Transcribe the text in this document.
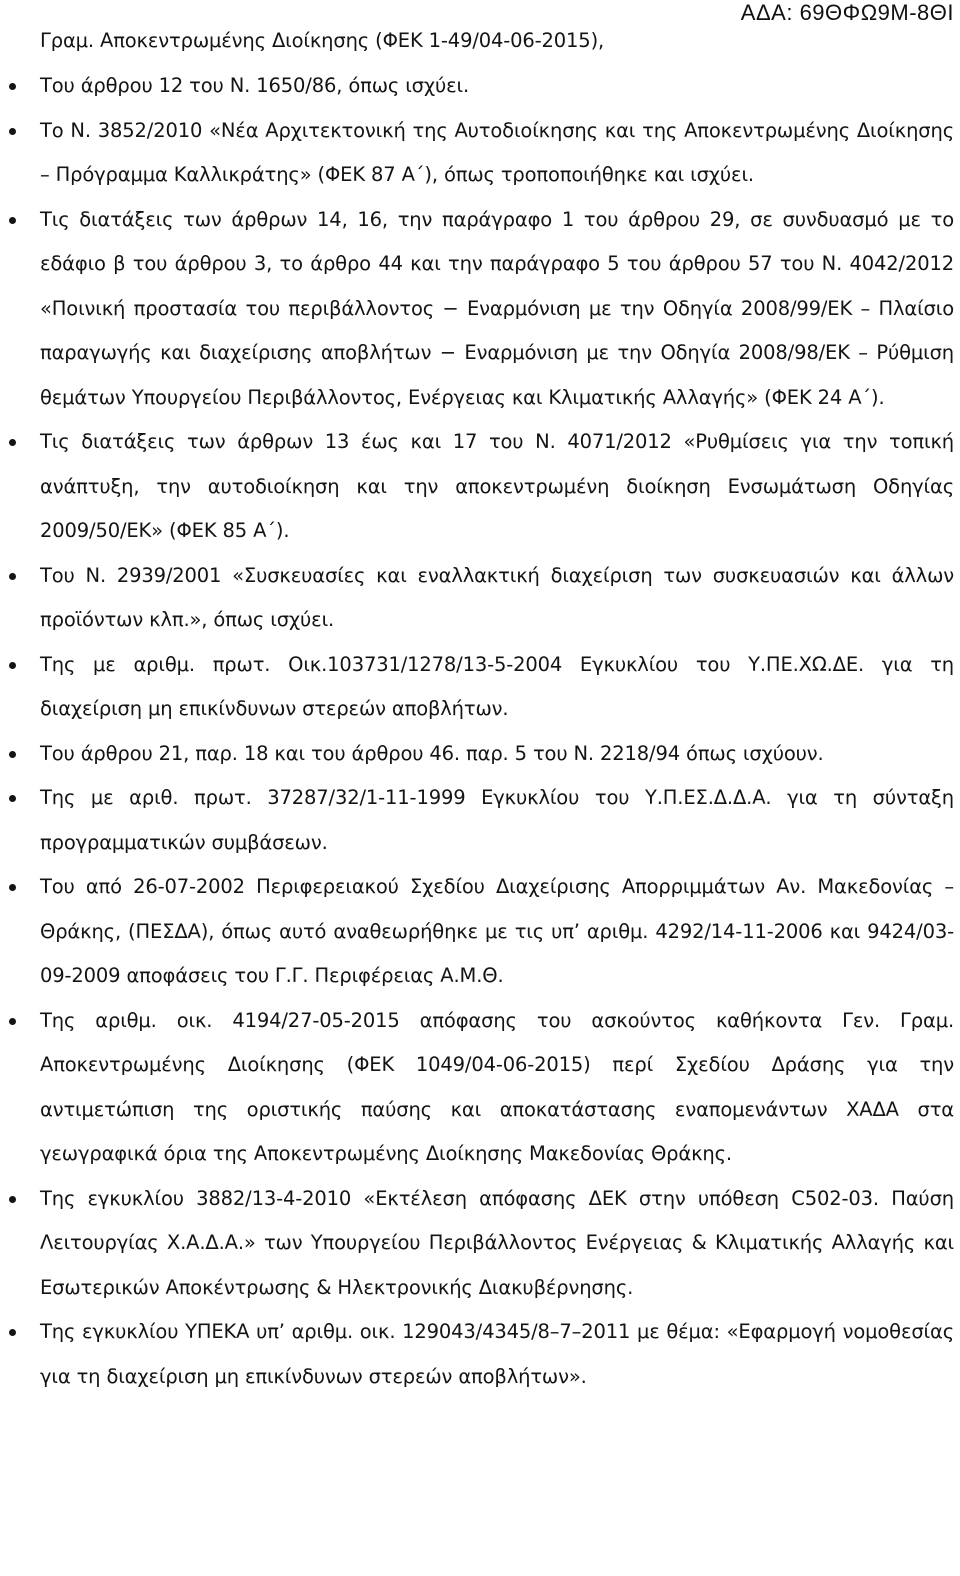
ΑΔΑ: 69ΘΦΩ9Μ-8ΘΙ

Γραμ. Αποκεντρωμένης Διοίκησης (ΦΕΚ 1-49/04-06-2015),

Του άρθρου 12 του Ν. 1650/86, όπως ισχύει.
Το Ν. 3852/2010 «Νέα Αρχιτεκτονική της Αυτοδιοίκησης και της Αποκεντρωμένης Διοίκησης – Πρόγραμμα Καλλικράτης» (ΦΕΚ 87 Α΄), όπως τροποποιήθηκε και ισχύει.
Τις διατάξεις των άρθρων 14, 16, την παράγραφο 1 του άρθρου 29, σε συνδυασμό με το εδάφιο β του άρθρου 3, το άρθρο 44 και την παράγραφο 5 του άρθρου 57 του Ν. 4042/2012 «Ποινική προστασία του περιβάλλοντος − Εναρμόνιση με την Οδηγία 2008/99/ΕΚ – Πλαίσιο παραγωγής και διαχείρισης αποβλήτων − Εναρμόνιση με την Οδηγία 2008/98/ΕΚ – Ρύθμιση θεμάτων Υπουργείου Περιβάλλοντος, Ενέργειας και Κλιματικής Αλλαγής» (ΦΕΚ 24 Α΄).
Τις διατάξεις των άρθρων 13 έως και 17 του Ν. 4071/2012 «Ρυθμίσεις για την τοπική ανάπτυξη, την αυτοδιοίκηση και την αποκεντρωμένη διοίκηση Ενσωμάτωση Οδηγίας 2009/50/ΕΚ» (ΦΕΚ 85 Α΄).
Του Ν. 2939/2001 «Συσκευασίες και εναλλακτική διαχείριση των συσκευασιών και άλλων προϊόντων κλπ.», όπως ισχύει.
Της με αριθμ. πρωτ. Οικ.103731/1278/13-5-2004 Εγκυκλίου του Υ.ΠΕ.ΧΩ.ΔΕ. για τη διαχείριση μη επικίνδυνων στερεών αποβλήτων.
Του άρθρου 21, παρ. 18 και του άρθρου 46. παρ. 5 του Ν. 2218/94 όπως ισχύουν.
Της με αριθ. πρωτ. 37287/32/1-11-1999 Εγκυκλίου του Υ.Π.ΕΣ.Δ.Δ.Α. για τη σύνταξη προγραμματικών συμβάσεων.
Του από 26-07-2002 Περιφερειακού Σχεδίου Διαχείρισης Απορριμμάτων Αν. Μακεδονίας – Θράκης, (ΠΕΣΔΑ), όπως αυτό αναθεωρήθηκε με τις υπ’ αριθμ. 4292/14-11-2006 και 9424/03-09-2009 αποφάσεις του Γ.Γ. Περιφέρειας Α.Μ.Θ.
Της αριθμ. οικ. 4194/27-05-2015 απόφασης του ασκούντος καθήκοντα Γεν. Γραμ. Αποκεντρωμένης Διοίκησης (ΦΕΚ 1049/04-06-2015) περί Σχεδίου Δράσης για την αντιμετώπιση της οριστικής παύσης και αποκατάστασης εναπομενάντων ΧΑΔΑ στα γεωγραφικά όρια της Αποκεντρωμένης Διοίκησης Μακεδονίας Θράκης.
Της εγκυκλίου 3882/13-4-2010 «Εκτέλεση απόφασης ΔΕΚ στην υπόθεση C502-03. Παύση Λειτουργίας Χ.Α.Δ.Α.» των Υπουργείου Περιβάλλοντος Ενέργειας & Κλιματικής Αλλαγής και Εσωτερικών Αποκέντρωσης & Ηλεκτρονικής Διακυβέρνησης.
Της εγκυκλίου ΥΠΕΚΑ υπ’ αριθμ. οικ. 129043/4345/8–7–2011 με θέμα: «Εφαρμογή νομοθεσίας για τη διαχείριση μη επικίνδυνων στερεών αποβλήτων».
